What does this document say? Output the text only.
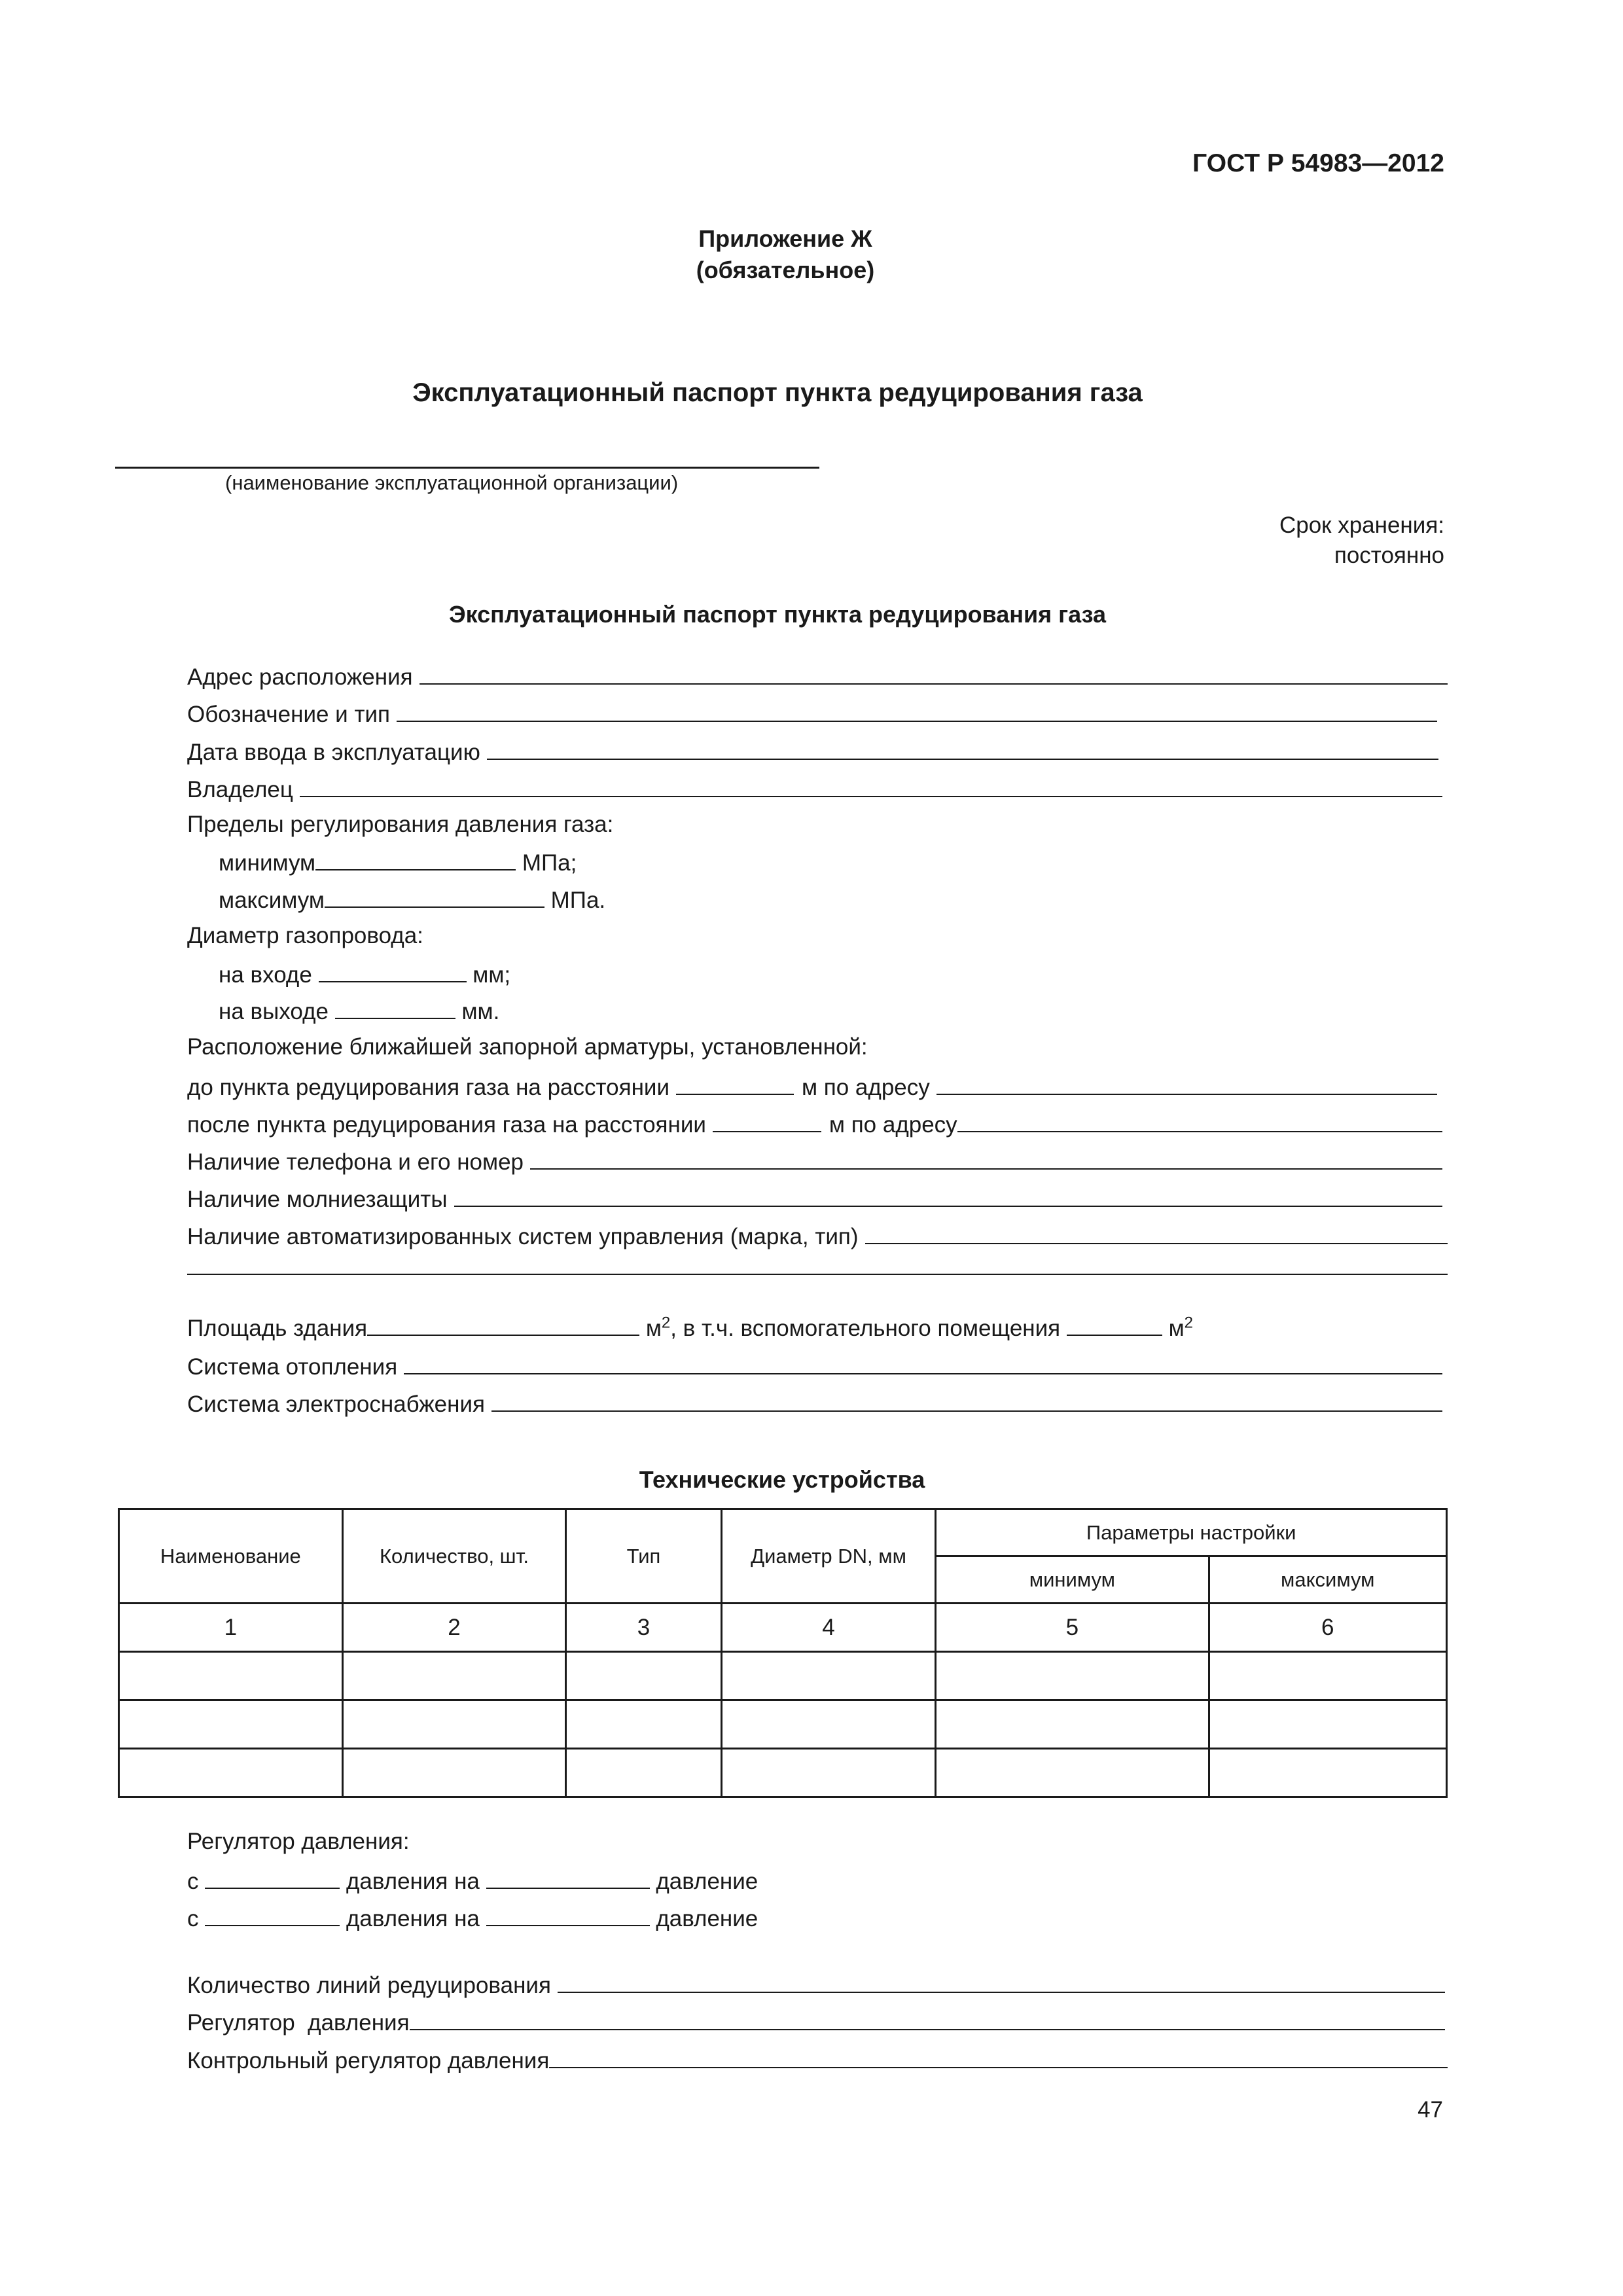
ГОСТ Р 54983—2012
Приложение Ж
(обязательное)
Эксплуатационный паспорт пункта редуцирования газа
(наименование эксплуатационной организации)
Срок хранения:
постоянно
Эксплуатационный паспорт пункта редуцирования газа
Адрес расположения
Обозначение и тип
Дата ввода в эксплуатацию
Владелец
Пределы регулирования давления газа:
минимум	МПа;
максимум	МПа.
Диаметр газопровода:
на входе	мм;
на выходе	мм.
Расположение ближайшей запорной арматуры, установленной:
до пункта редуцирования газа на расстоянии	м по адресу
после пункта редуцирования газа на расстоянии	м по адресу
Наличие телефона и его номер
Наличие молниезащиты
Наличие автоматизированных систем управления (марка, тип)
Площадь здания	$м^2$, в т.ч. вспомогательного помещения	$м^2$
Система отопления
Система электроснабжения
Технические устройства
Наименование	Количество, шт.	Тип	Диаметр DN, мм	Параметры настройки	
				минимум	максимум
1	2	3	4	5	6

Регулятор давления:
с	давления на	давление
с	давления на	давление
Количество линий редуцирования
Регулятор  давления
Контрольный регулятор давления
47
